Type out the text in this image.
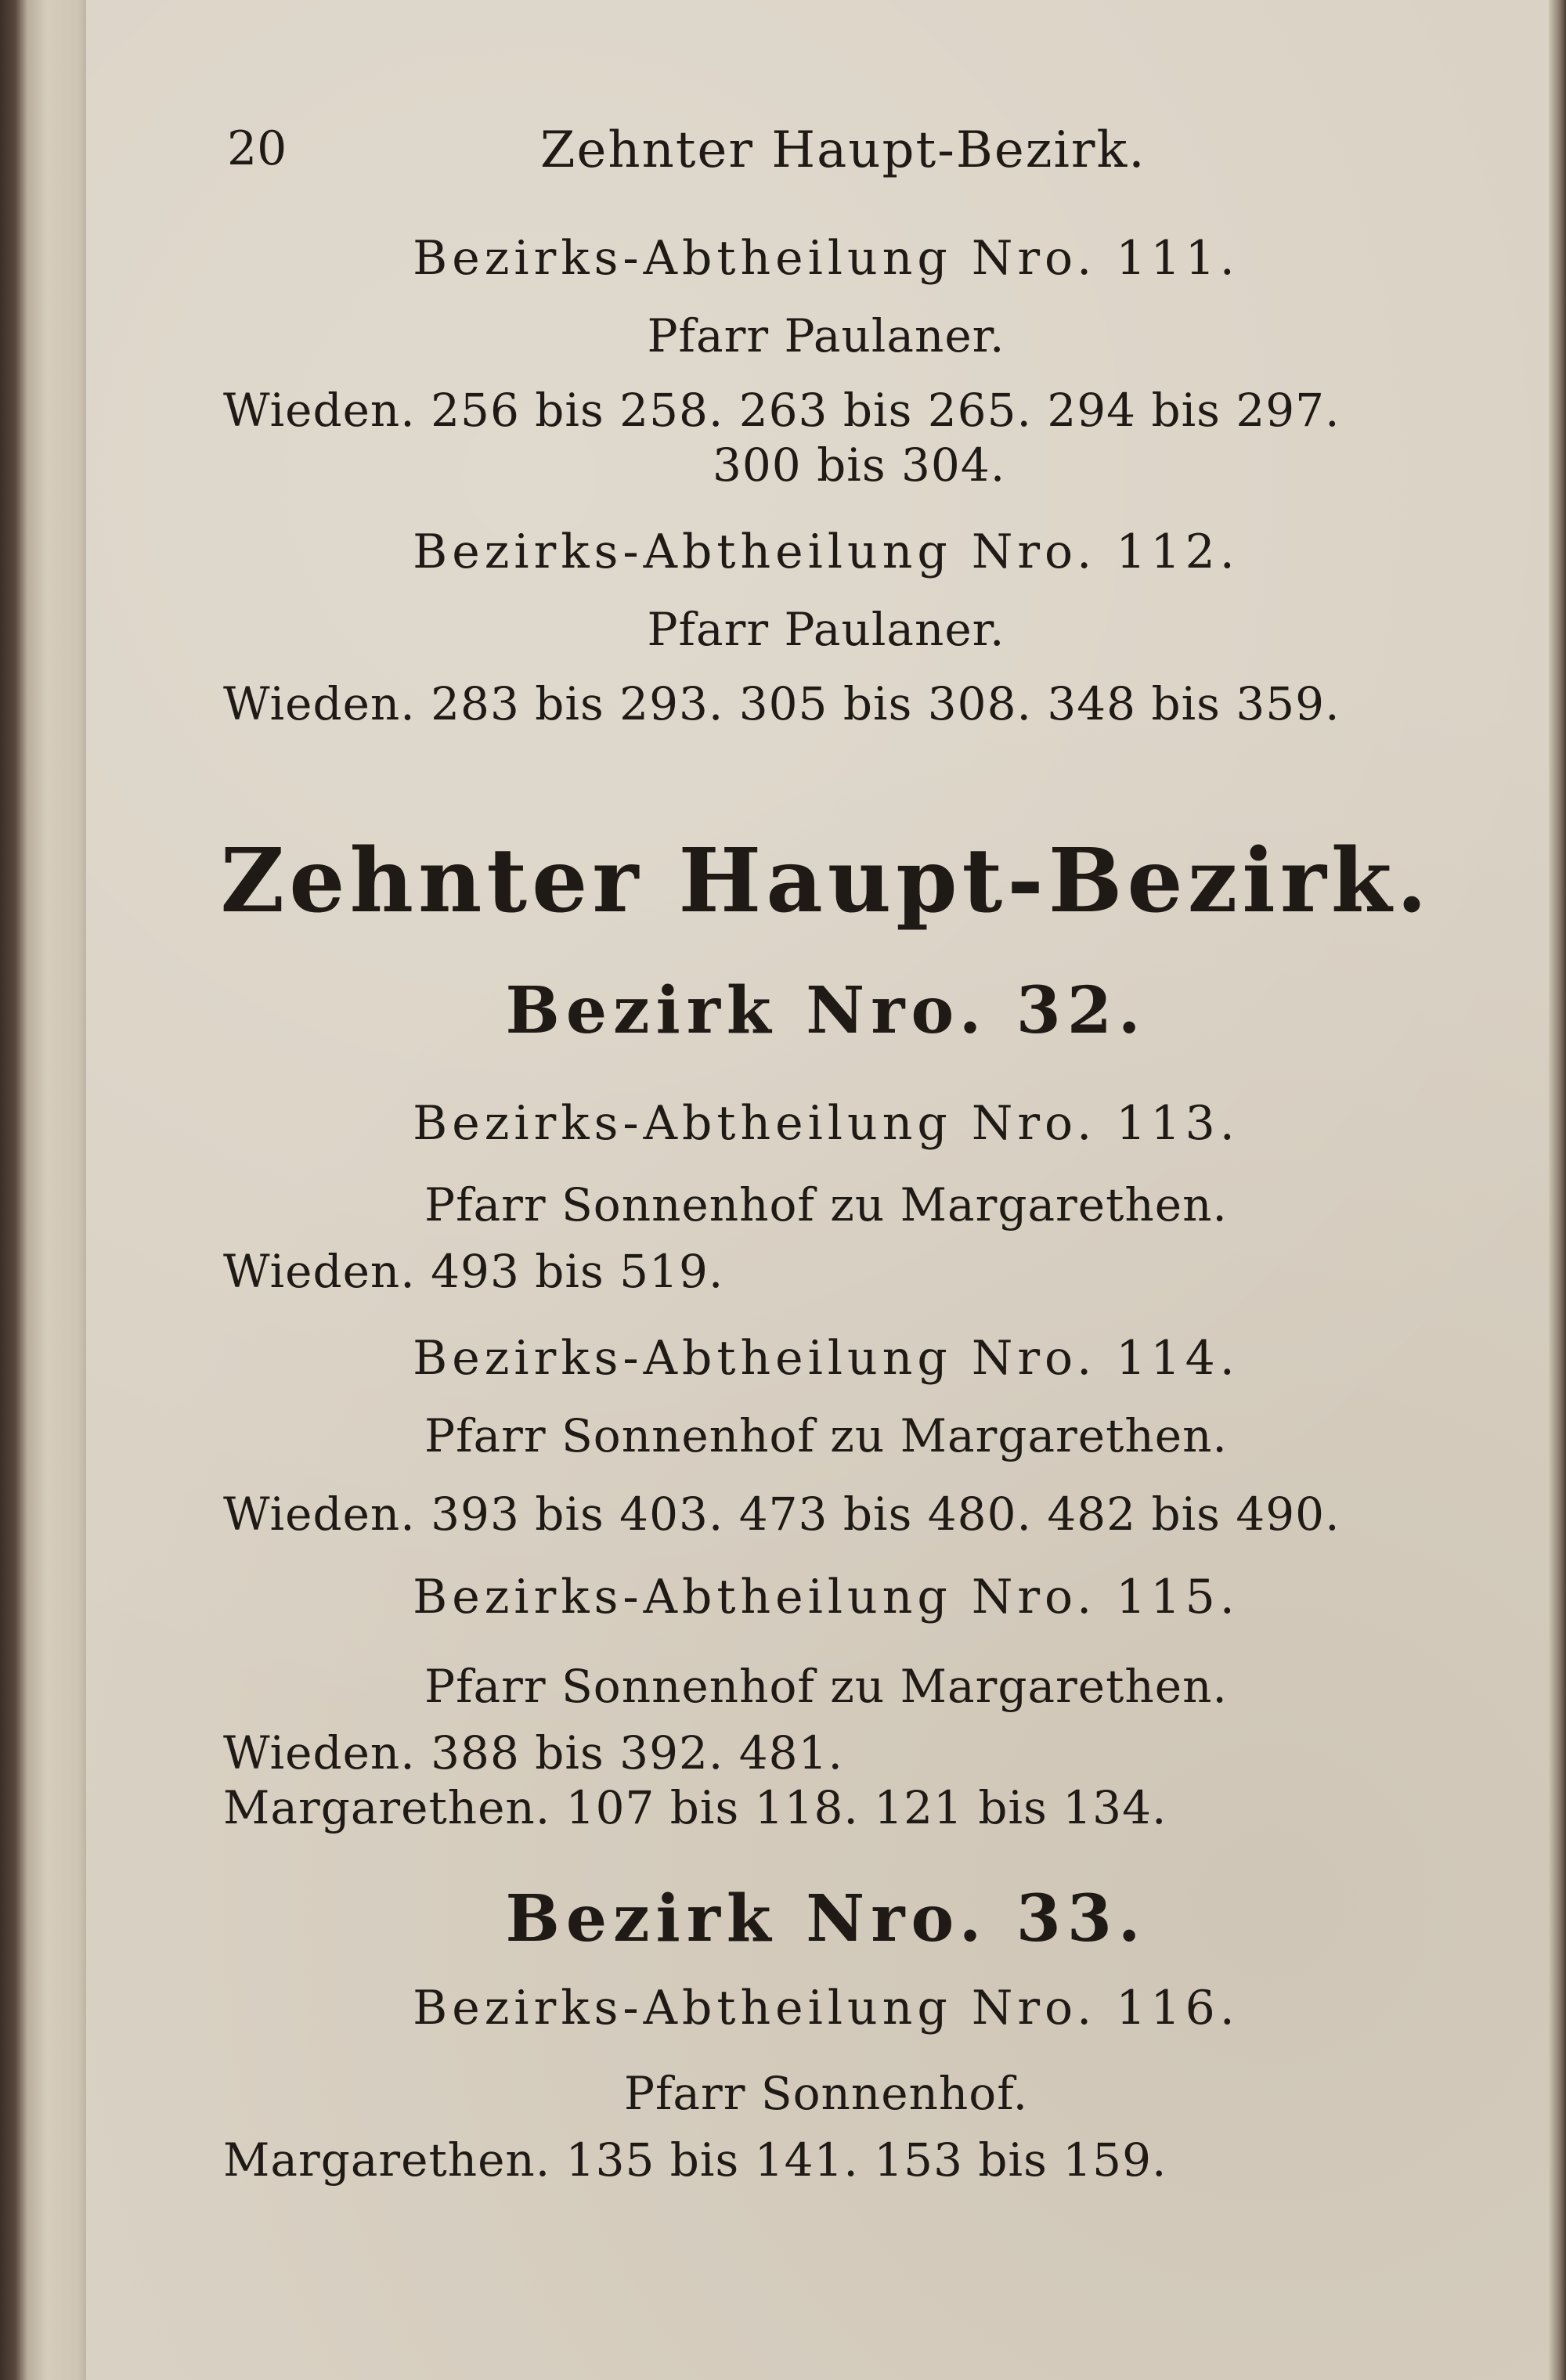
20	Zehnter Haupt-Bezirk.
Bezirks-Abtheilung Nro. 111.
Pfarr Paulaner.
Wieden. 256 bis 258. 263 bis 265. 294 bis 297.
300 bis 304.
Bezirks-Abtheilung Nro. 112.
Pfarr Paulaner.
Wieden. 283 bis 293. 305 bis 308. 348 bis 359.
Zehnter Haupt-Bezirk.
Bezirk Nro. 32.
Bezirks-Abtheilung Nro. 113.
Pfarr Sonnenhof zu Margarethen.
Wieden. 493 bis 519.
Bezirks-Abtheilung Nro. 114.
Pfarr Sonnenhof zu Margarethen.
Wieden. 393 bis 403. 473 bis 480. 482 bis 490.
Bezirks-Abtheilung Nro. 115.
Pfarr Sonnenhof zu Margarethen.
Wieden. 388 bis 392. 481.
Margarethen. 107 bis 118. 121 bis 134.
Bezirk Nro. 33.
Bezirks-Abtheilung Nro. 116.
Pfarr Sonnenhof.
Margarethen. 135 bis 141. 153 bis 159.
